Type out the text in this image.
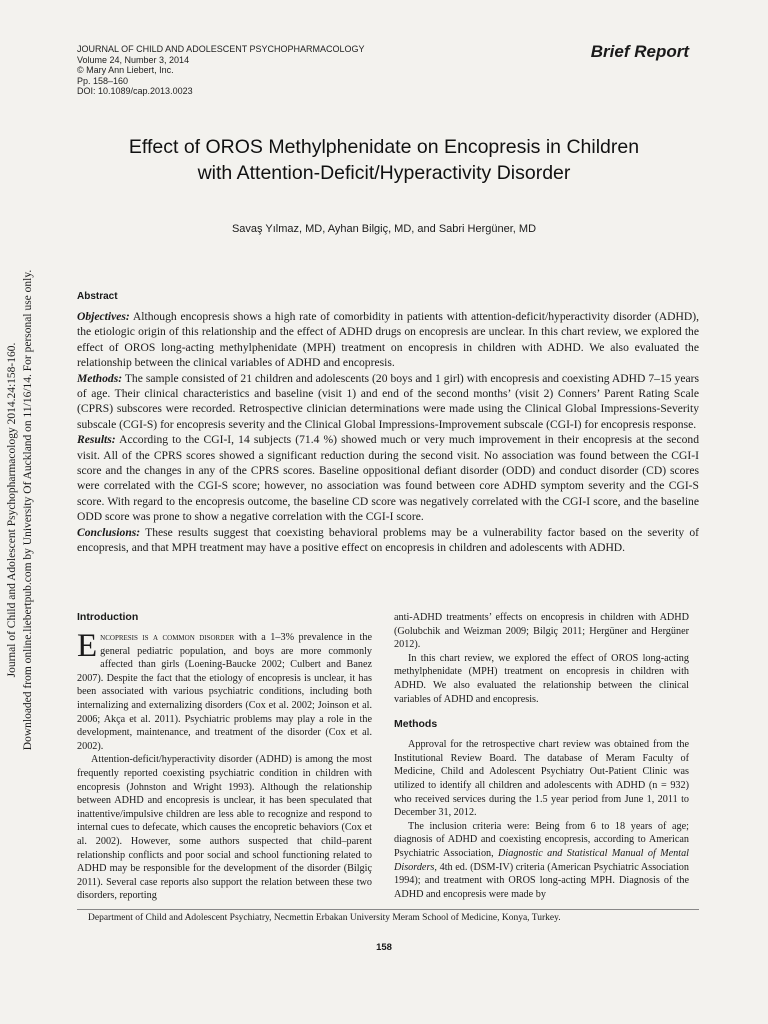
Journal of Child and Adolescent Psychopharmacology 2014.24:158-160. Downloaded from online.liebertpub.com by University Of Auckland on 11/16/14. For personal use only.
JOURNAL OF CHILD AND ADOLESCENT PSYCHOPHARMACOLOGY
Volume 24, Number 3, 2014
© Mary Ann Liebert, Inc.
Pp. 158–160
DOI: 10.1089/cap.2013.0023
Brief Report
Effect of OROS Methylphenidate on Encopresis in Children
with Attention-Deficit/Hyperactivity Disorder
Savaş Yılmaz, MD, Ayhan Bilgiç, MD, and Sabri Hergüner, MD
Abstract

Objectives: Although encopresis shows a high rate of comorbidity in patients with attention-deficit/hyperactivity disorder (ADHD), the etiologic origin of this relationship and the effect of ADHD drugs on encopresis are unclear. In this chart review, we explored the effect of OROS long-acting methylphenidate (MPH) treatment on encopresis in children with ADHD. We also evaluated the relationship between the clinical variables of ADHD and encopresis.

Methods: The sample consisted of 21 children and adolescents (20 boys and 1 girl) with encopresis and coexisting ADHD 7–15 years of age. Their clinical characteristics and baseline (visit 1) and end of the second months’ (visit 2) Conners’ Parent Rating Scale (CPRS) subscores were recorded. Retrospective clinician determinations were made using the Clinical Global Impressions-Severity subscale (CGI-S) for encopresis severity and the Clinical Global Impressions-Improvement subscale (CGI-I) for encopresis response.

Results: According to the CGI-I, 14 subjects (71.4 %) showed much or very much improvement in their encopresis at the second visit. All of the CPRS scores showed a significant reduction during the second visit. No association was found between the CGI-I score and the changes in any of the CPRS scores. Baseline oppositional defiant disorder (ODD) and conduct disorder (CD) scores were correlated with the CGI-S score; however, no association was found between core ADHD symptom severity and the CGI-S score. With regard to the encopresis outcome, the baseline CD score was negatively correlated with the CGI-I score, and the baseline ODD score was prone to show a negative correlation with the CGI-I score.

Conclusions: These results suggest that coexisting behavioral problems may be a vulnerability factor based on the severity of encopresis, and that MPH treatment may have a positive effect on encopresis in children and adolescents with ADHD.

Introduction

Encopresis is a common disorder with a 1–3% prevalence in the general pediatric population, and boys are more commonly affected than girls (Loening-Baucke 2002; Culbert and Banez 2007). Despite the fact that the etiology of encopresis is unclear, it has been associated with various psychiatric conditions, including both internalizing and externalizing disorders (Cox et al. 2002; Joinson et al. 2006; Akça et al. 2011). Psychiatric problems may play a role in the development, maintenance, and treatment of the disorder (Cox et al. 2002).

Attention-deficit/hyperactivity disorder (ADHD) is among the most frequently reported coexisting psychiatric condition in children with encopresis (Johnston and Wright 1993). Although the relationship between ADHD and encopresis is unclear, it has been speculated that inattentive/impulsive children are less able to recognize and respond to internal cues to defecate, which causes the encopretic behaviors (Cox et al. 2002). However, some authors suspected that child–parent relationship conflicts and poor social and school functioning related to ADHD may be responsible for the development of the disorder (Bilgiç 2011). Several case reports also support the relation between these two disorders, reporting

anti-ADHD treatments’ effects on encopresis in children with ADHD (Golubchik and Weizman 2009; Bilgiç 2011; Hergüner and Hergüner 2012).

In this chart review, we explored the effect of OROS long-acting methylphenidate (MPH) treatment on encopresis in children with ADHD. We also evaluated the relationship between the clinical variables of ADHD and encopresis.

Methods

Approval for the retrospective chart review was obtained from the Institutional Review Board. The database of Meram Faculty of Medicine, Child and Adolescent Psychiatry Out-Patient Clinic was utilized to identify all children and adolescents with ADHD (n = 932) who received services during the 1.5 year period from June 1, 2011 to December 31, 2012.

The inclusion criteria were: Being from 6 to 18 years of age; diagnosis of ADHD and coexisting encopresis, according to American Psychiatric Association, Diagnostic and Statistical Manual of Mental Disorders, 4th ed. (DSM-IV) criteria (American Psychiatric Association 1994); and treatment with OROS long-acting MPH. Diagnosis of the ADHD and encopresis were made by

Department of Child and Adolescent Psychiatry, Necmettin Erbakan University Meram School of Medicine, Konya, Turkey.
158
